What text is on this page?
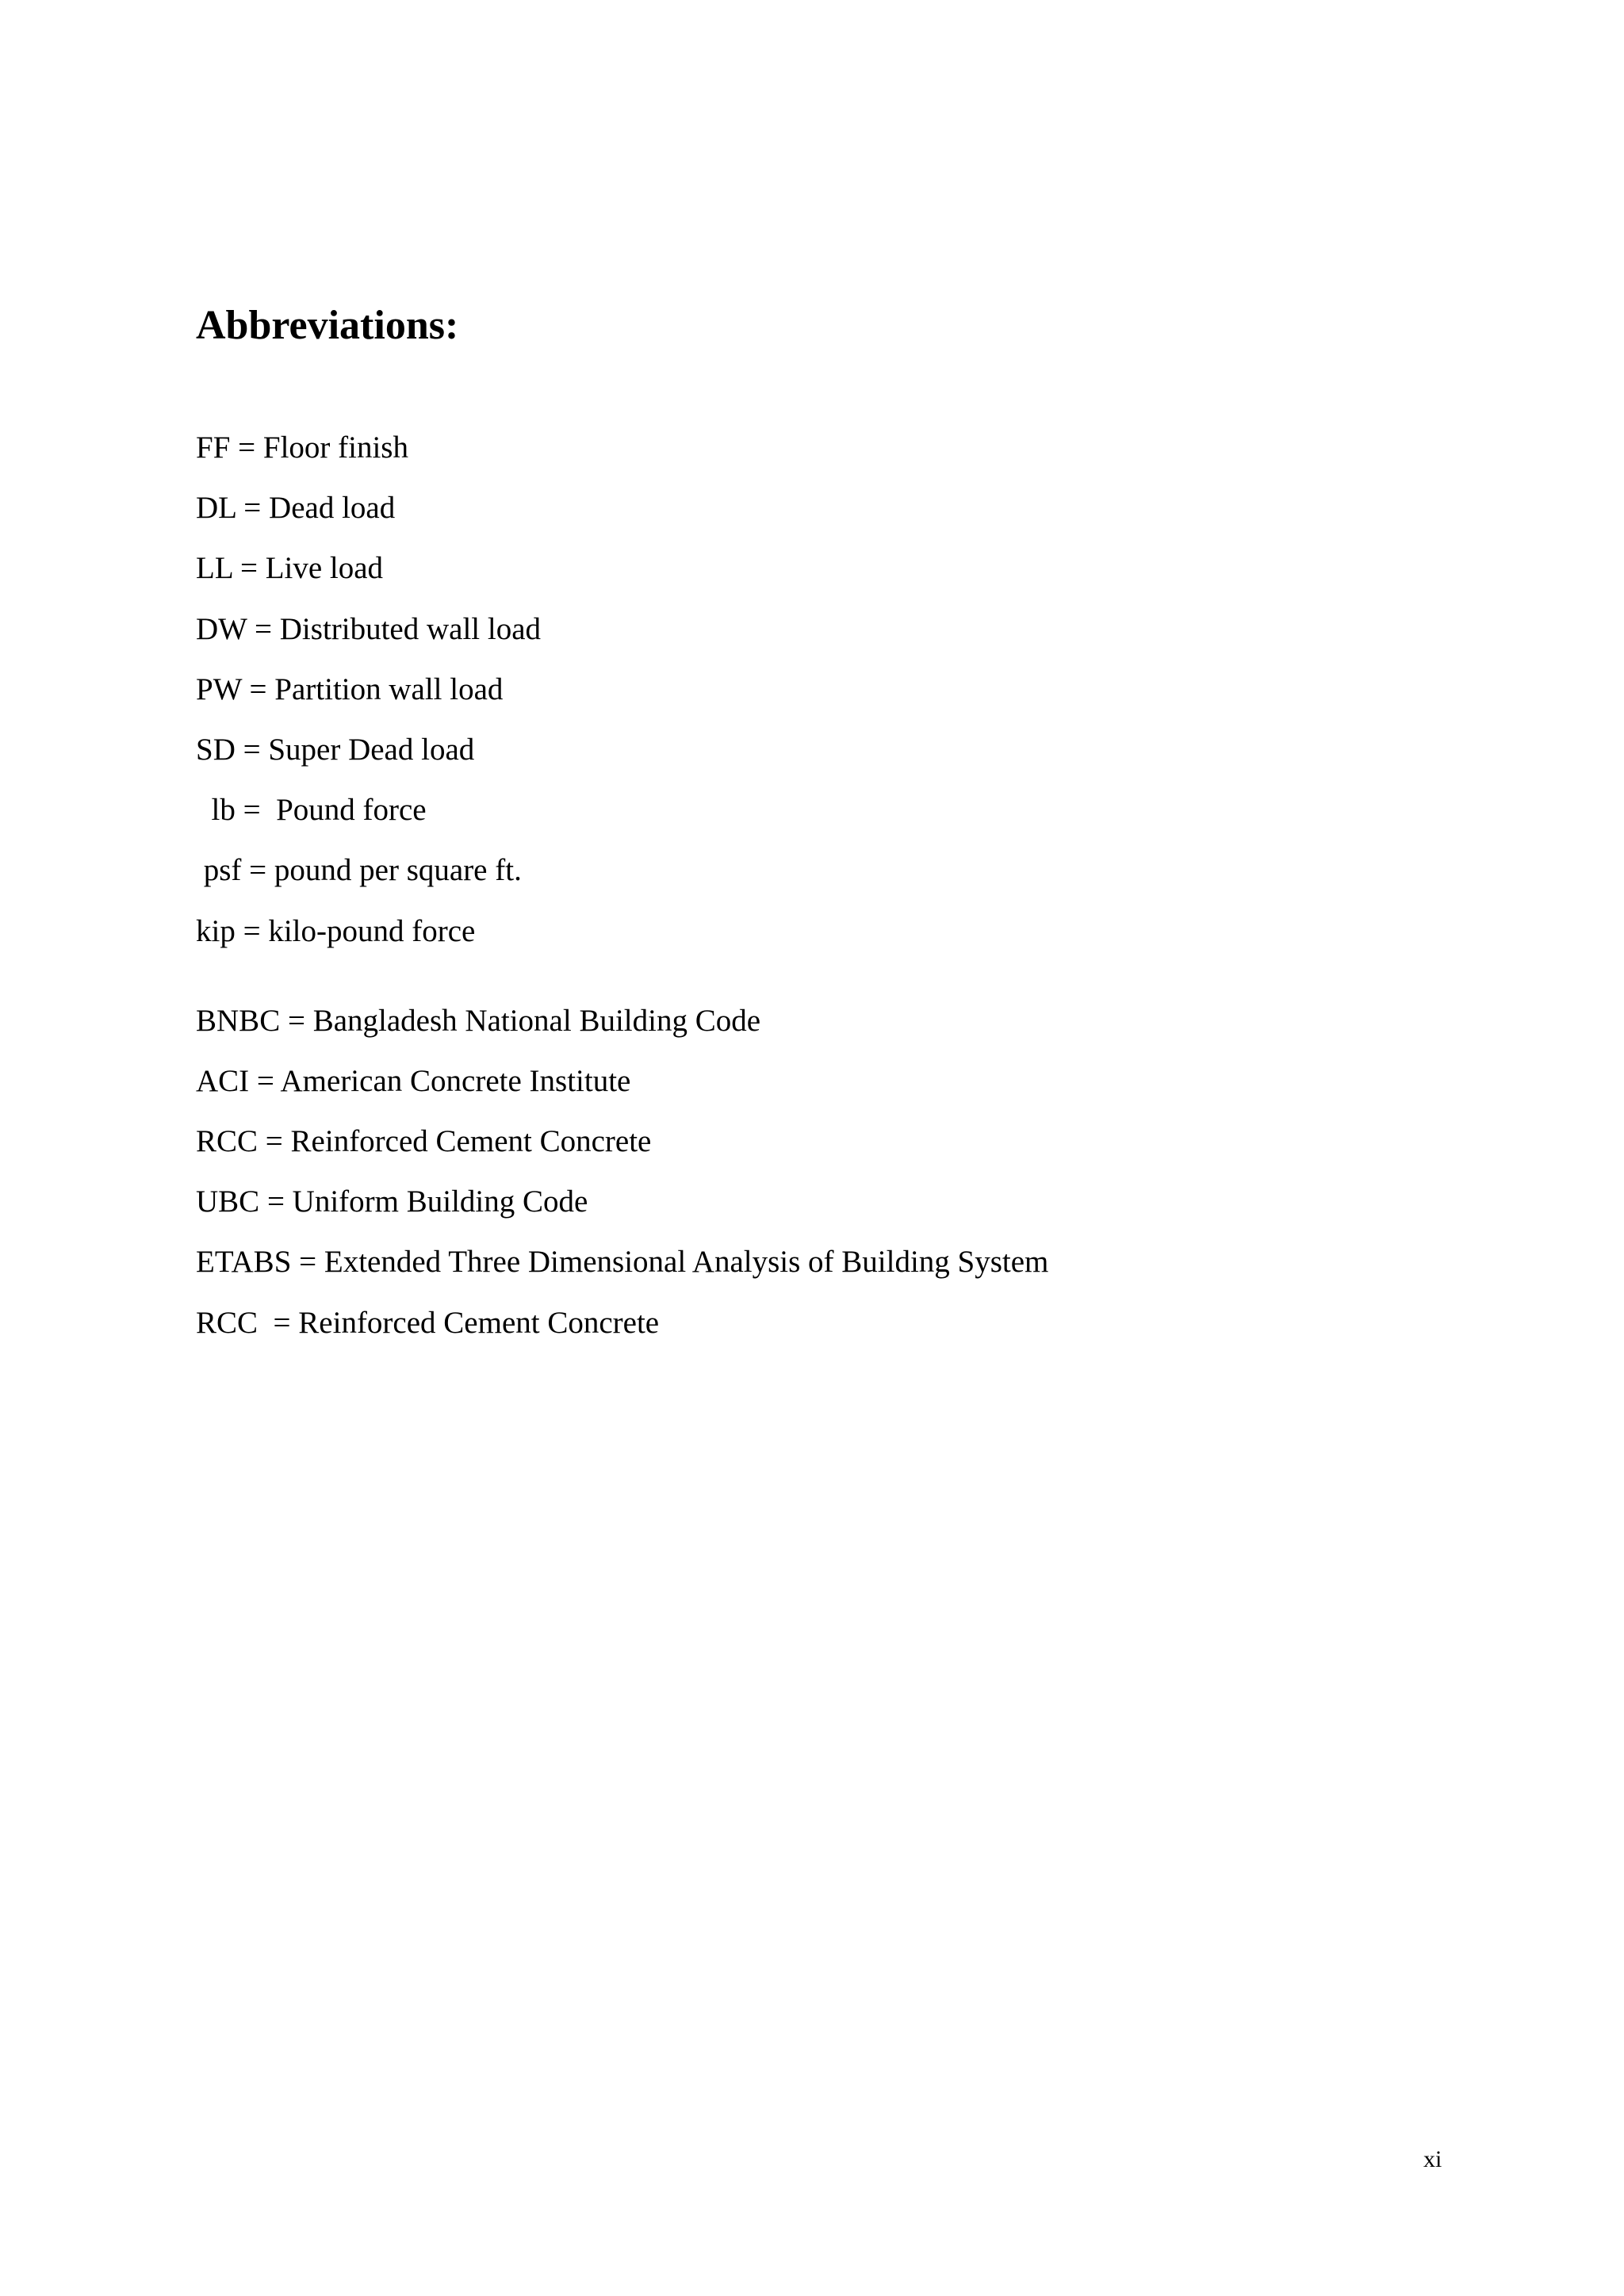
Abbreviations:
FF = Floor finish
DL = Dead load
LL = Live load
DW = Distributed wall load
PW = Partition wall load
SD = Super Dead load
lb =  Pound force
psf = pound per square ft.
kip = kilo-pound force
BNBC = Bangladesh National Building Code
ACI = American Concrete Institute
RCC = Reinforced Cement Concrete
UBC = Uniform Building Code
ETABS = Extended Three Dimensional Analysis of Building System
RCC  = Reinforced Cement Concrete
xi
